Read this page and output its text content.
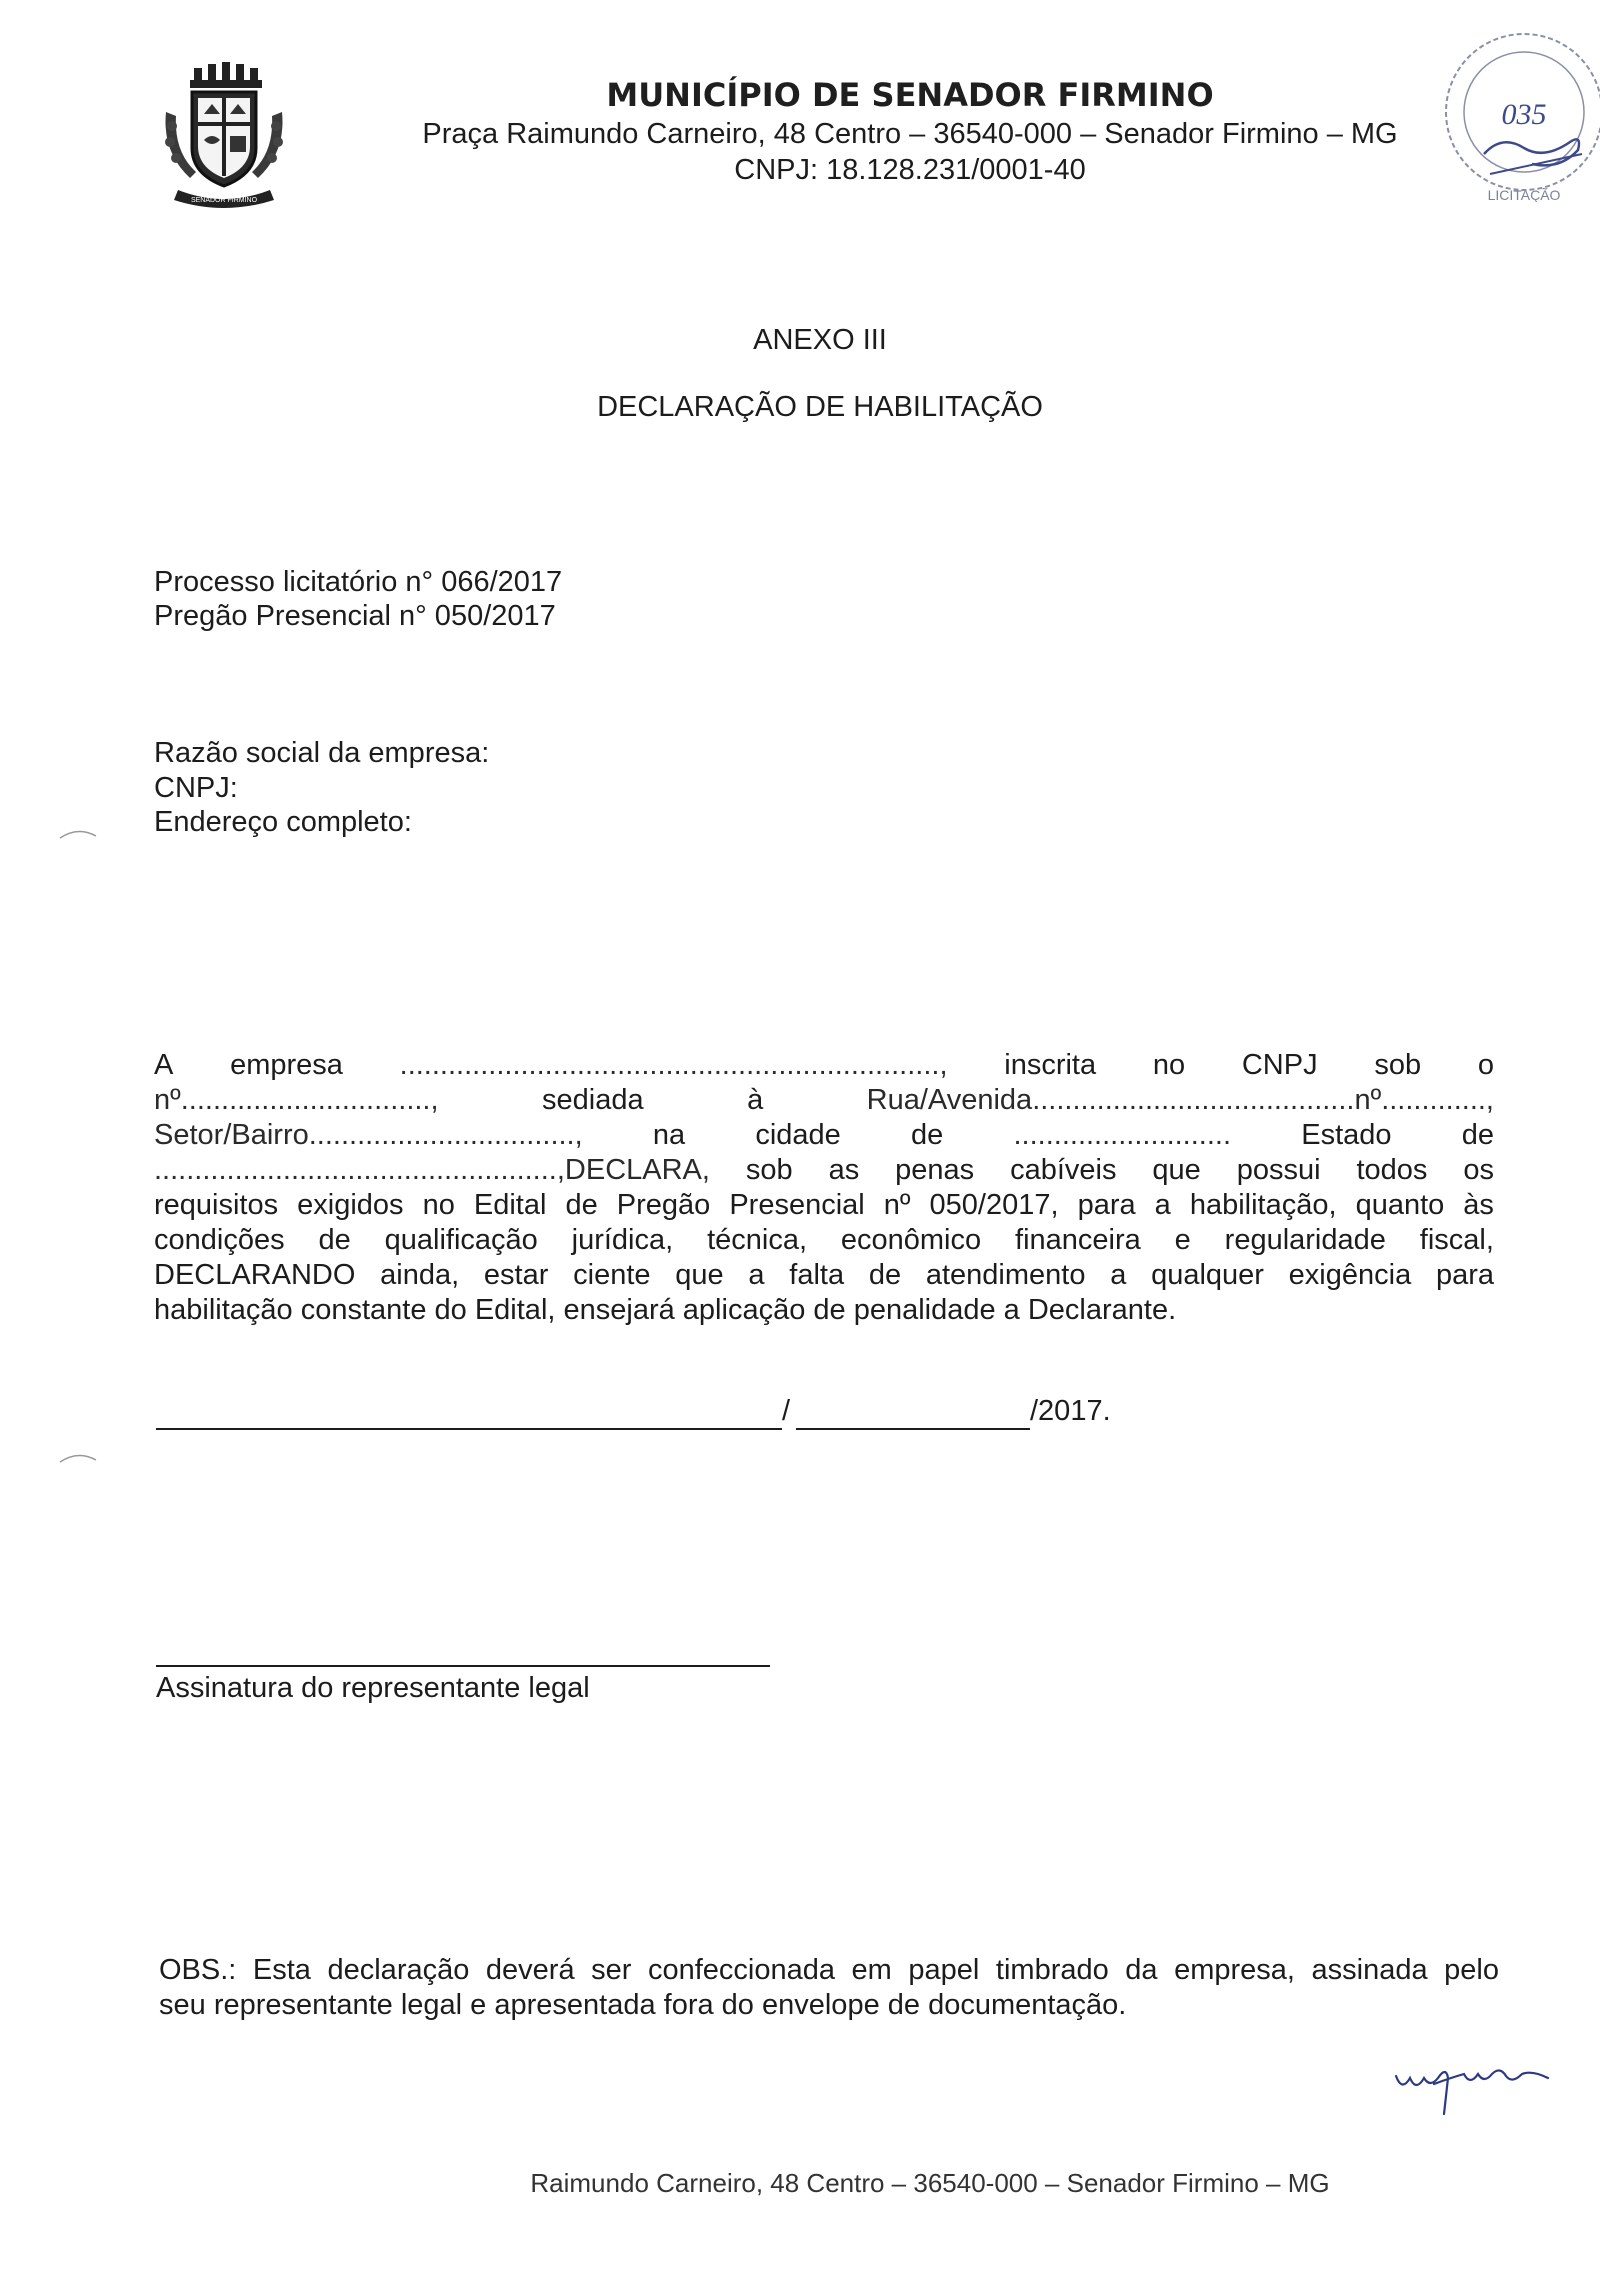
SENADOR FIRMINO
MUNICÍPIO DE SENADOR FIRMINO
Praça Raimundo Carneiro, 48 Centro – 36540-000 – Senador Firmino – MG
CNPJ: 18.128.231/0001-40
LICITAÇÃO
035
ANEXO III
DECLARAÇÃO DE HABILITAÇÃO
Processo licitatório n° 066/2017
Pregão Presencial n° 050/2017
Razão social da empresa:
CNPJ:
Endereço completo:
A empresa ..................................................................., inscrita no CNPJ sob o
nº...............................,	sediada	à	Rua/Avenida........................................nº.............,
Setor/Bairro................................., na cidade de ........................... Estado de
..................................................,DECLARA, sob as penas cabíveis que possui todos os
requisitos exigidos no Edital de Pregão Presencial nº 050/2017, para a habilitação, quanto às
condições de qualificação jurídica, técnica, econômico financeira e regularidade fiscal,
DECLARANDO ainda, estar ciente que a falta de atendimento a qualquer exigência para
habilitação constante do Edital, ensejará aplicação de penalidade a Declarante.
/	/2017.
Assinatura do representante legal
OBS.: Esta declaração deverá ser confeccionada em papel timbrado da empresa, assinada pelo
seu representante legal e apresentada fora do envelope de documentação.
Raimundo Carneiro, 48 Centro – 36540-000 – Senador Firmino – MG
